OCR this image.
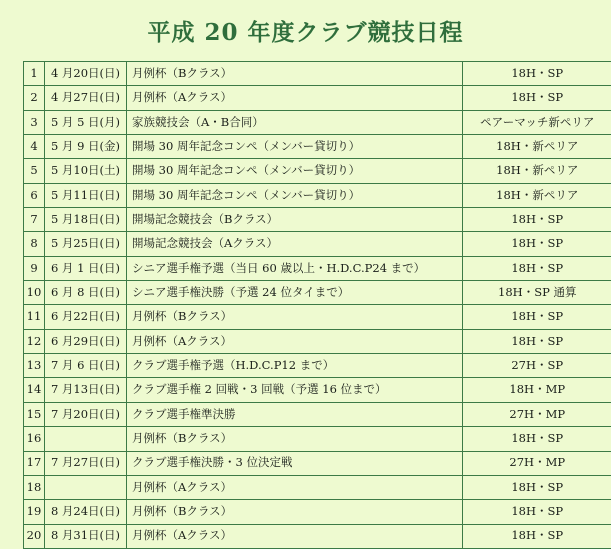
平成 20 年度クラブ競技日程
1	4 月20日(日)	月例杯（Bクラス）	18H・SP
2	4 月27日(日)	月例杯（Aクラス）	18H・SP
3	5 月 5 日(月)	家族競技会（A・B合同）	ペアーマッチ新ペリア
4	5 月 9 日(金)	開場 30 周年記念コンペ（メンバー貸切り）	18H・新ペリア
5	5 月10日(土)	開場 30 周年記念コンペ（メンバー貸切り）	18H・新ペリア
6	5 月11日(日)	開場 30 周年記念コンペ（メンバー貸切り）	18H・新ペリア
7	5 月18日(日)	開場記念競技会（Bクラス）	18H・SP
8	5 月25日(日)	開場記念競技会（Aクラス）	18H・SP
9	6 月 1 日(日)	シニア選手権予選（当日 60 歳以上・H.D.C.P24 まで）	18H・SP
10	6 月 8 日(日)	シニア選手権決勝（予選 24 位タイまで）	18H・SP 通算
11	6 月22日(日)	月例杯（Bクラス）	18H・SP
12	6 月29日(日)	月例杯（Aクラス）	18H・SP
13	7 月 6 日(日)	クラブ選手権予選（H.D.C.P12 まで）	27H・SP
14	7 月13日(日)	クラブ選手権 2 回戦・3 回戦（予選 16 位まで）	18H・MP
15	7 月20日(日)	クラブ選手権準決勝	27H・MP
16		月例杯（Bクラス）	18H・SP
17	7 月27日(日)	クラブ選手権決勝・3 位決定戦	27H・MP
18		月例杯（Aクラス）	18H・SP
19	8 月24日(日)	月例杯（Bクラス）	18H・SP
20	8 月31日(日)	月例杯（Aクラス）	18H・SP
